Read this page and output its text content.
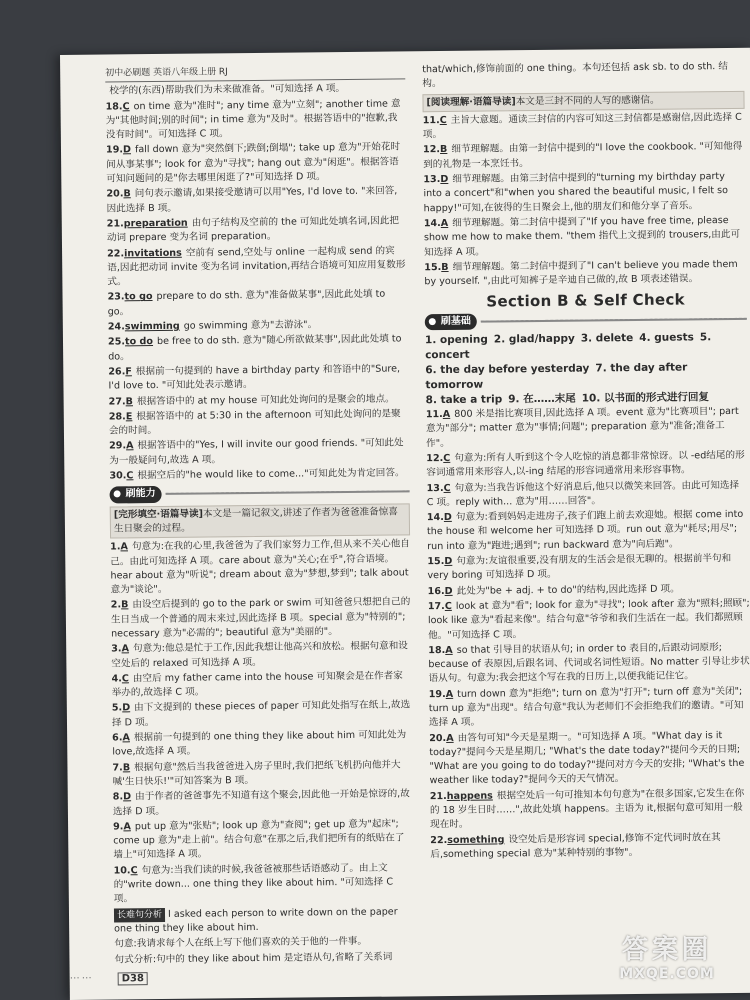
初中必刷题 英语八年级上册 RJ
校学的(东西)帮助我们为未来做准备。"可知选择 A 项。
18.C on time 意为"准时"; any time 意为"立刻"; another time 意为"其他时间;别的时间"; in time 意为"及时"。根据答语中的"抱歉,我没有时间"。可知选择 C 项。
19.D fall down 意为"突然倒下;跌倒;倒塌"; take up 意为"开始花时间从事某事"; look for 意为"寻找"; hang out 意为"闲逛"。根据答语可知问题问的是"你去哪里闲逛了?"可知选择 D 项。
20.B 问句表示邀请,如果接受邀请可以用"Yes, I'd love to. "来回答,因此选择 B 项。
21.preparation 由句子结构及空前的 the 可知此处填名词,因此把动词 prepare 变为名词 preparation。
22.invitations 空前有 send,空处与 online 一起构成 send 的宾语,因此把动词 invite 变为名词 invitation,再结合语境可知应用复数形式。
23.to go prepare to do sth. 意为"准备做某事",因此此处填 to go。
24.swimming go swimming 意为"去游泳"。
25.to do be free to do sth. 意为"随心所欲做某事",因此此处填 to do。
26.F 根据前一句提到的 have a birthday party 和答语中的"Sure, I'd love to. "可知此处表示邀请。
27.B 根据答语中的 at my house 可知此处询问的是聚会的地点。
28.E 根据答语中的 at 5:30 in the afternoon 可知此处询问的是聚会的时间。
29.A 根据答语中的"Yes, I will invite our good friends. "可知此处为一般疑问句,故选 A 项。
30.C 根据空后的"he would like to come..."可知此处为肯定回答。
刷能力
[完形填空·语篇导读]本文是一篇记叙文,讲述了作者为爸爸准备惊喜生日聚会的过程。
1.A 句意为:在我的心里,我爸爸为了我们家努力工作,但从来不关心他自己。由此可知选择 A 项。care about 意为"关心;在乎",符合语境。hear about 意为"听说"; dream about 意为"梦想,梦到"; talk about 意为"谈论"。
2.B 由设空后提到的 go to the park or swim 可知爸爸只想把自己的生日当成一个普通的周末来过,因此选择 B 项。special 意为"特别的"; necessary 意为"必需的"; beautiful 意为"美丽的"。
3.A 句意为:他总是忙于工作,因此我想让他高兴和放松。根据句意和设空处后的 relaxed 可知选择 A 项。
4.C 由空后 my father came into the house 可知聚会是在作者家举办的,故选择 C 项。
5.D 由下文提到的 these pieces of paper 可知此处指写在纸上,故选择 D 项。
6.A 根据前一句提到的 one thing they like about him 可知此处为 love,故选择 A 项。
7.B 根据句意"然后当我爸爸进入房子里时,我们把纸飞机扔向他并大喊'生日快乐!'"可知答案为 B 项。
8.D 由于作者的爸爸事先不知道有这个聚会,因此他一开始是惊讶的,故选择 D 项。
9.A put up 意为"张贴"; look up 意为"查阅"; get up 意为"起床"; come up 意为"走上前"。结合句意"在那之后,我们把所有的纸贴在了墙上"可知选择 A 项。
10.C 句意为:当我们读的时候,我爸爸被那些话语感动了。由上文的"write down... one thing they like about him. "可知选择 C 项。
长难句分析 I asked each person to write down on the paper one thing they like about him.
句意:我请求每个人在纸上写下他们喜欢的关于他的一件事。
句式分析:句中的 they like about him 是定语从句,省略了关系词
that/which,修饰前面的 one thing。本句还包括 ask sb. to do sth. 结构。
[阅读理解·语篇导读]本文是三封不同的人写的感谢信。
11.C 主旨大意题。通读三封信的内容可知这三封信都是感谢信,因此选择 C 项。
12.B 细节理解题。由第一封信中提到的"I love the cookbook. "可知他得到的礼物是一本烹饪书。
13.D 细节理解题。由第三封信中提到的"turning my birthday party into a concert"和"when you shared the beautiful music, I felt so happy!"可知,在彼得的生日聚会上,他的朋友们和他分享了音乐。
14.A 细节理解题。第二封信中提到了"If you have free time, please show me how to make them. "them 指代上文提到的 trousers,由此可知选择 A 项。
15.B 细节理解题。第二封信中提到了"I can't believe you made them by yourself. ",由此可知裤子是辛迪自己做的,故 B 项表述错误。
Section B & Self Check
刷基础
1. opening 2. glad/happy 3. delete 4. guests 5. concert
6. the day before yesterday 7. the day after tomorrow
8. take a trip 9. 在……末尾 10. 以书面的形式进行回复
11.A 800 米是指比赛项目,因此选择 A 项。event 意为"比赛项目"; part 意为"部分"; matter 意为"事情;问题"; preparation 意为"准备;准备工作"。
12.C 句意为:所有人听到这个令人吃惊的消息都非常惊讶。以 -ed结尾的形容词通常用来形容人,以-ing 结尾的形容词通常用来形容事物。
13.C 句意为:当我告诉他这个好消息后,他只以微笑来回答。由此可知选择 C 项。reply with... 意为"用……回答"。
14.D 句意为:看到妈妈走进房子,孩子们跑上前去欢迎她。根据 come into the house 和 welcome her 可知选择 D 项。run out 意为"耗尽;用尽"; run into 意为"跑进;遇到"; run backward 意为"向后跑"。
15.D 句意为:友谊很重要,没有朋友的生活会是很无聊的。根据前半句和 very boring 可知选择 D 项。
16.D 此处为"be + adj. + to do"的结构,因此选择 D 项。
17.C look at 意为"看"; look for 意为"寻找"; look after 意为"照料;照顾"; look like 意为"看起来像"。结合句意"爷爷和我们生活在一起。我们都照顾他。"可知选择 C 项。
18.A so that 引导目的状语从句; in order to 表目的,后跟动词原形; because of 表原因,后跟名词、代词或名词性短语。No matter 引导让步状语从句。句意为:我会把这个写在我的日历上,以便我能记住它。
19.A turn down 意为"拒绝"; turn on 意为"打开"; turn off 意为"关闭"; turn up 意为"出现"。结合句意"我认为老师们不会拒绝我们的邀请。"可知选择 A 项。
20.A 由答句可知"今天是星期一。"可知选择 A 项。"What day is it today?"提问今天是星期几; "What's the date today?"提问今天的日期; "What are you going to do today?"提问对方今天的安排; "What's the weather like today?"提问今天的天气情况。
21.happens 根据空处后一句可推知本句句意为"在很多国家,它发生在你的 18 岁生日时……",故此处填 happens。主语为 it,根据句意可知用一般现在时。
22.something 设空处后是形容词 special,修饰不定代词时放在其后,something special 意为"某种特别的事物"。
⋯⋯	D38
答案圈
MXQE.COM
